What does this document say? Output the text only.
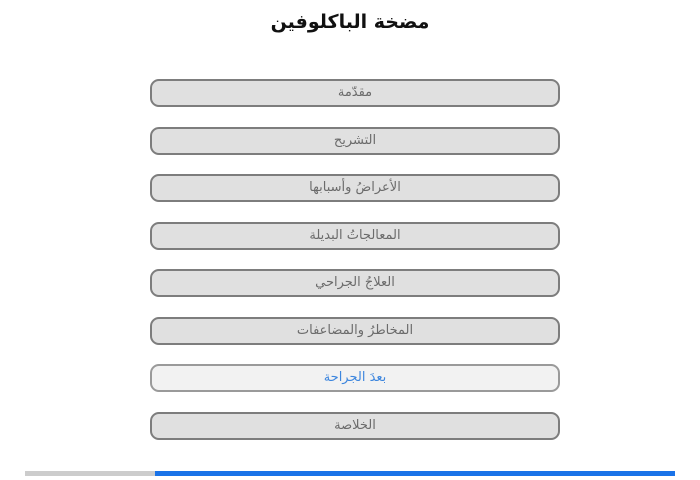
مضخة الباكلوفين
مقدّمة
التشريح
الأعراضُ وأسبابها
المعالجاتُ البديلة
العلاجُ الجراحي
المخاطرُ والمضاعفات
بعدَ الجراحة
الخلاصة
